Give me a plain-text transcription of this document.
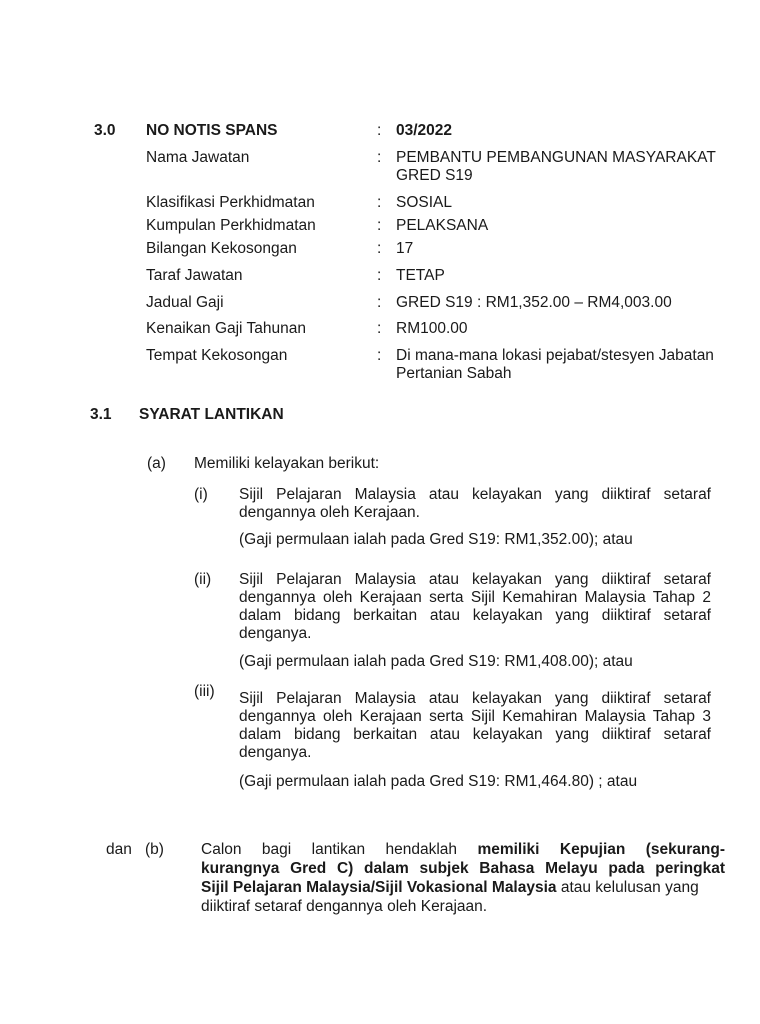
3.0 NO NOTIS SPANS	: 03/2022
Nama Jawatan	: PEMBANTU PEMBANGUNAN MASYARAKAT
GRED S19
Klasifikasi Perkhidmatan	: SOSIAL
Kumpulan Perkhidmatan	: PELAKSANA
Bilangan Kekosongan	: 17
Taraf Jawatan	: TETAP
Jadual Gaji	: GRED S19 : RM1,352.00 – RM4,003.00
Kenaikan Gaji Tahunan	: RM100.00
Tempat Kekosongan	: Di mana-mana lokasi pejabat/stesyen Jabatan
Pertanian Sabah
3.1 SYARAT LANTIKAN
(a) Memiliki kelayakan berikut:
(i) Sijil Pelajaran Malaysia atau kelayakan yang diiktiraf setaraf
dengannya oleh Kerajaan.
(Gaji permulaan ialah pada Gred S19: RM1,352.00); atau
(ii) Sijil Pelajaran Malaysia atau kelayakan yang diiktiraf setaraf
dengannya oleh Kerajaan serta Sijil Kemahiran Malaysia Tahap 2
dalam bidang berkaitan atau kelayakan yang diiktiraf setaraf
denganya.
(Gaji permulaan ialah pada Gred S19: RM1,408.00); atau
(iii) Sijil Pelajaran Malaysia atau kelayakan yang diiktiraf setaraf
dengannya oleh Kerajaan serta Sijil Kemahiran Malaysia Tahap 3
dalam bidang berkaitan atau kelayakan yang diiktiraf setaraf
denganya.
(Gaji permulaan ialah pada Gred S19: RM1,464.80) ; atau
dan (b) Calon bagi lantikan hendaklah memiliki Kepujian (sekurang-
kurangnya Gred C) dalam subjek Bahasa Melayu pada peringkat
Sijil Pelajaran Malaysia/Sijil Vokasional Malaysia atau kelulusan yang
diiktiraf setaraf dengannya oleh Kerajaan.
